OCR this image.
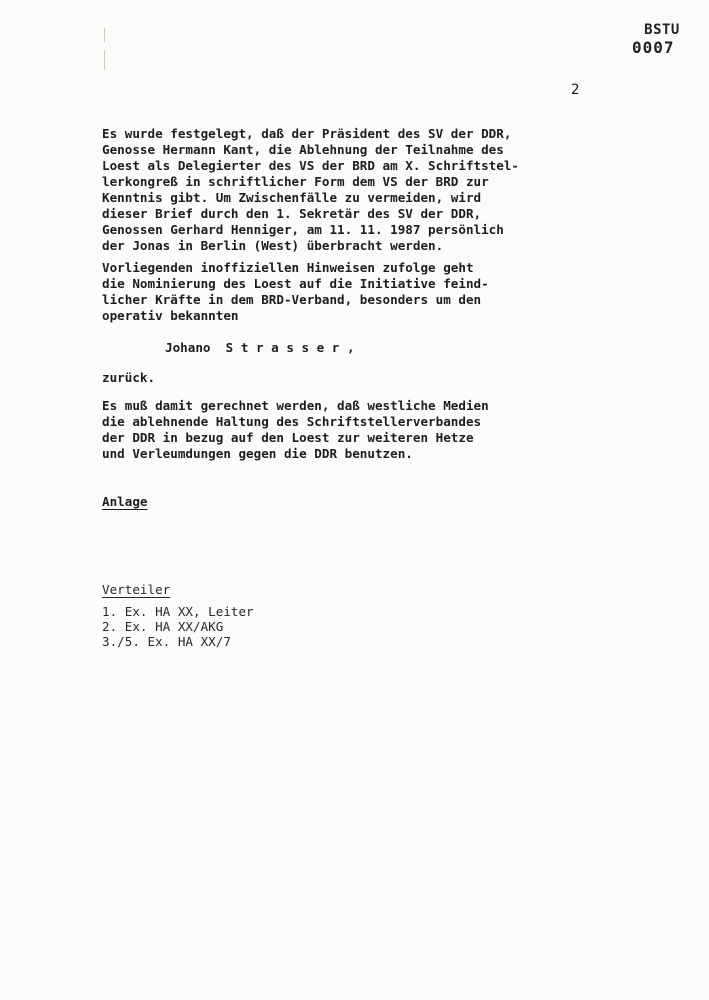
BSTU
0007
2
Es wurde festgelegt, daß der Präsident des SV der DDR,
Genosse Hermann Kant, die Ablehnung der Teilnahme des
Loest als Delegierter des VS der BRD am X. Schriftstel-
lerkongreß in schriftlicher Form dem VS der BRD zur
Kenntnis gibt. Um Zwischenfälle zu vermeiden, wird
dieser Brief durch den 1. Sekretär des SV der DDR,
Genossen Gerhard Henniger, am 11. 11. 1987 persönlich
der Jonas in Berlin (West) überbracht werden.
Vorliegenden inoffiziellen Hinweisen zufolge geht
die Nominierung des Loest auf die Initiative feind-
licher Kräfte in dem BRD-Verband, besonders um den
operativ bekannten
Johano  S t r a s s e r ,
zurück.
Es muß damit gerechnet werden, daß westliche Medien
die ablehnende Haltung des Schriftstellerverbandes
der DDR in bezug auf den Loest zur weiteren Hetze
und Verleumdungen gegen die DDR benutzen.
Anlage
Verteiler
1. Ex. HA XX, Leiter
2. Ex. HA XX/AKG
3./5. Ex. HA XX/7
